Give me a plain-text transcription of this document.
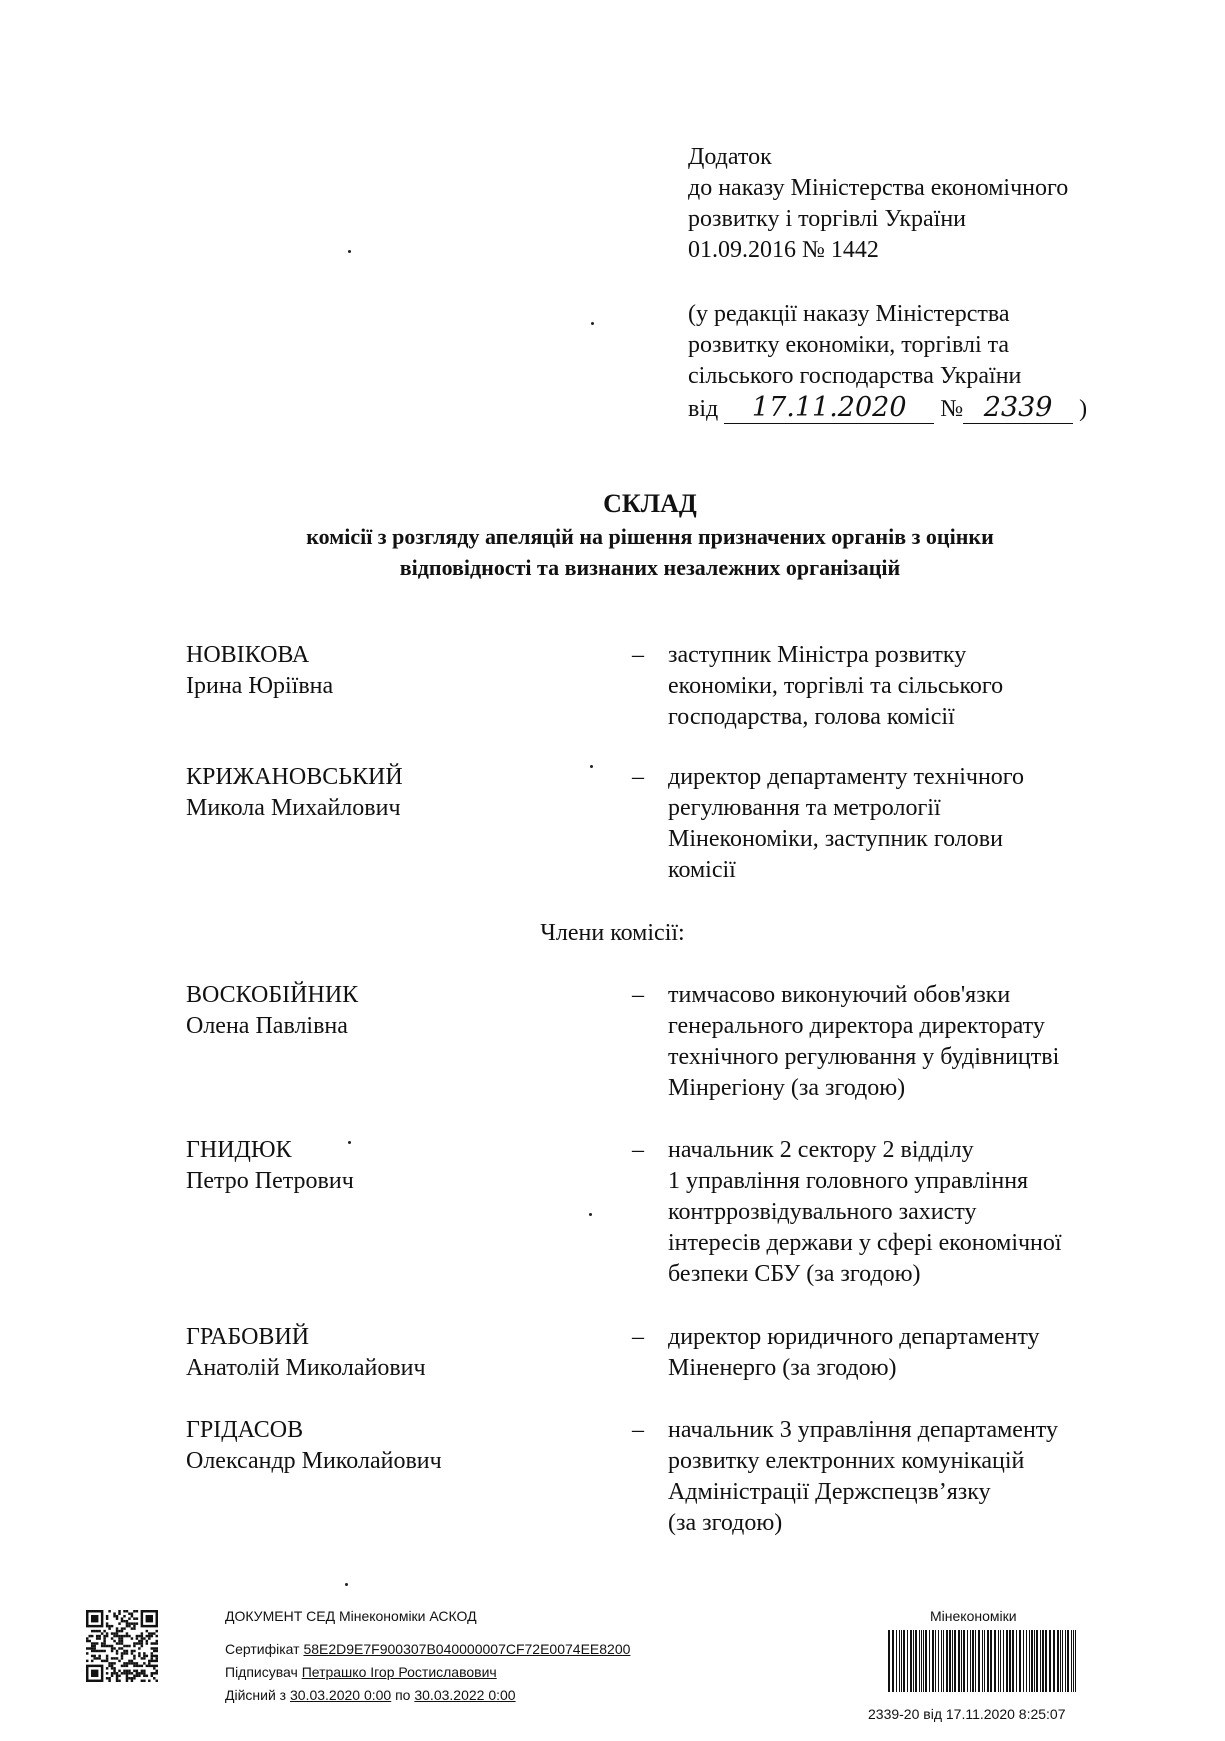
Додаток
до наказу Міністерства економічного
розвитку і торгівлі України
01.09.2016 № 1442
(у редакції наказу Міністерства
розвитку економіки, торгівлі та
сільського господарства України
від 17.11.2020 № 2339 )
СКЛАД
комісії з розгляду апеляцій на рішення призначених органів з оцінки
відповідності та визнаних незалежних організацій
НОВІКОВА
Ірина Юріївна
– заступник Міністра розвитку
економіки, торгівлі та сільського
господарства, голова комісії
КРИЖАНОВСЬКИЙ
Микола Михайлович
– директор департаменту технічного
регулювання та метрології
Мінекономіки, заступник голови
комісії
Члени комісії:
ВОСКОБІЙНИК
Олена Павлівна
– тимчасово виконуючий обов'язки
генерального директора директорату
технічного регулювання у будівництві
Мінрегіону (за згодою)
ГНИДЮК
Петро Петрович
– начальник 2 сектору 2 відділу
1 управління головного управління
контррозвідувального захисту
інтересів держави у сфері економічної
безпеки СБУ (за згодою)
ГРАБОВИЙ
Анатолій Миколайович
– директор юридичного департаменту
Міненерго (за згодою)
ГРІДАСОВ
Олександр Миколайович
– начальник 3 управління департаменту
розвитку електронних комунікацій
Адміністрації Держспецзв’язку
(за згодою)
ДОКУМЕНТ СЕД Мінекономіки АСКОД
Сертифікат 58E2D9E7F900307B040000007CF72E0074EE8200
Підписувач Петрашко Ігор Ростиславович
Дійсний з 30.03.2020 0:00 по 30.03.2022 0:00
Мінекономіки
2339-20 від 17.11.2020 8:25:07
